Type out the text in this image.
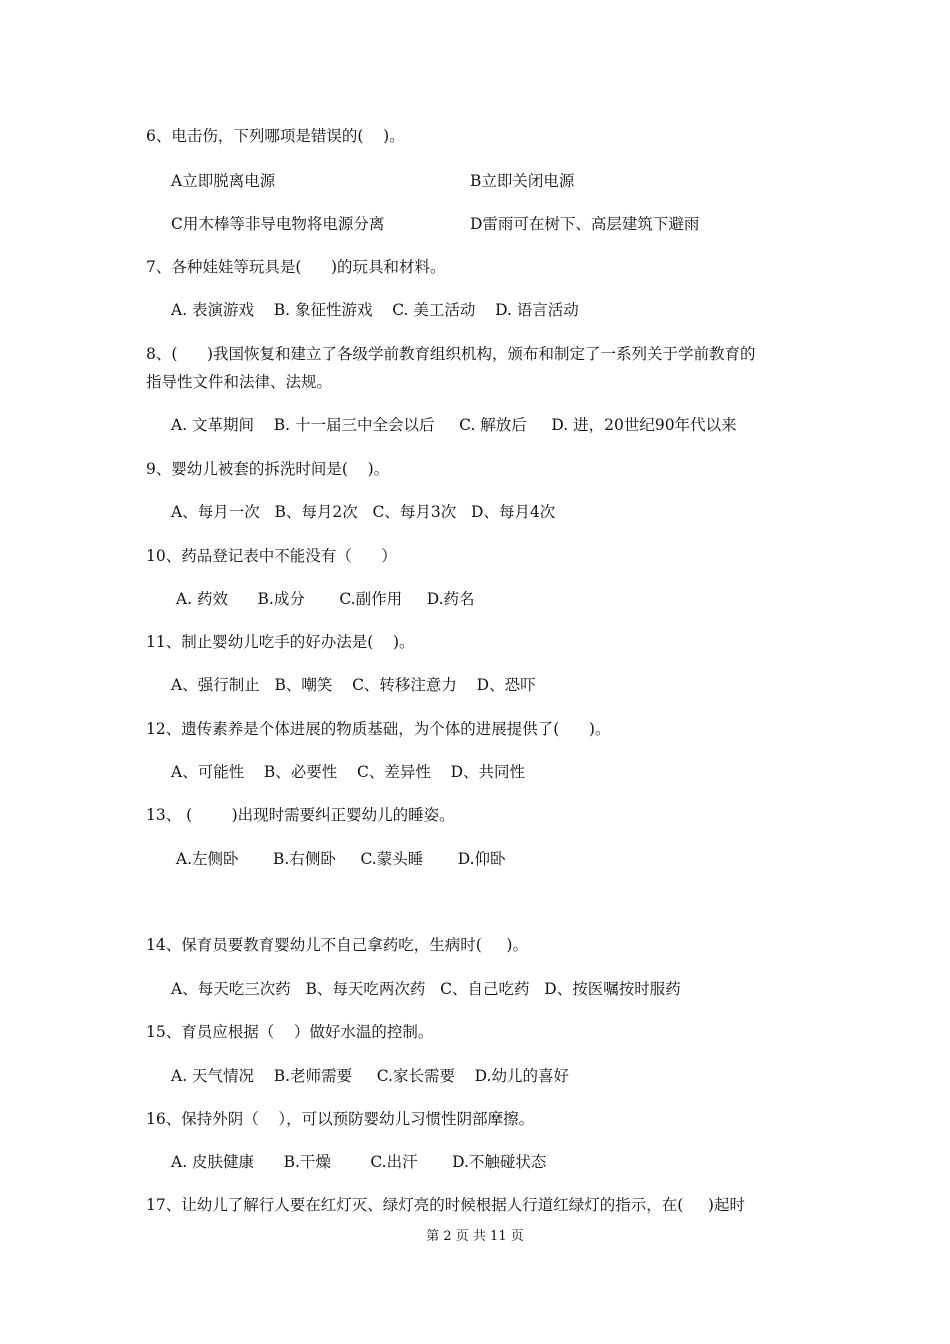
6、电击伤，下列哪项是错误的(    )。
A立即脱离电源	B立即关闭电源
C用木棒等非导电物将电源分离	D雷雨可在树下、高层建筑下避雨
7、各种娃娃等玩具是(      )的玩具和材料。
A. 表演游戏    B. 象征性游戏    C. 美工活动    D. 语言活动
8、(      )我国恢复和建立了各级学前教育组织机构，颁布和制定了一系列关于学前教育的
指导性文件和法律、法规。
A. 文革期间    B. 十一届三中全会以后     C. 解放后     D. 进，20世纪90年代以来
9、婴幼儿被套的拆洗时间是(    )。
A、每月一次   B、每月2次   C、每月3次   D、每月4次
10、药品登记表中不能没有（      ）
A. 药效      B.成分       C.副作用     D.药名
11、制止婴幼儿吃手的好办法是(    )。
A、强行制止   B、嘲笑    C、转移注意力    D、恐吓
12、遗传素养是个体进展的物质基础，为个体的进展提供了(      )。
A、可能性    B、必要性    C、差异性    D、共同性
13、 (        )出现时需要纠正婴幼儿的睡姿。
A.左侧卧       B.右侧卧     C.蒙头睡       D.仰卧
14、保育员要教育婴幼儿不自己拿药吃，生病时(     )。
A、每天吃三次药   B、每天吃两次药   C、自己吃药   D、按医嘱按时服药
15、育员应根据（    ）做好水温的控制。
A. 天气情况    B.老师需要     C.家长需要    D.幼儿的喜好
16、保持外阴（    ），可以预防婴幼儿习惯性阴部摩擦。
A. 皮肤健康      B.干燥        C.出汗       D.不触碰状态
17、让幼儿了解行人要在红灯灭、绿灯亮的时候根据人行道红绿灯的指示，在(     )起时
第 2 页 共 11 页
